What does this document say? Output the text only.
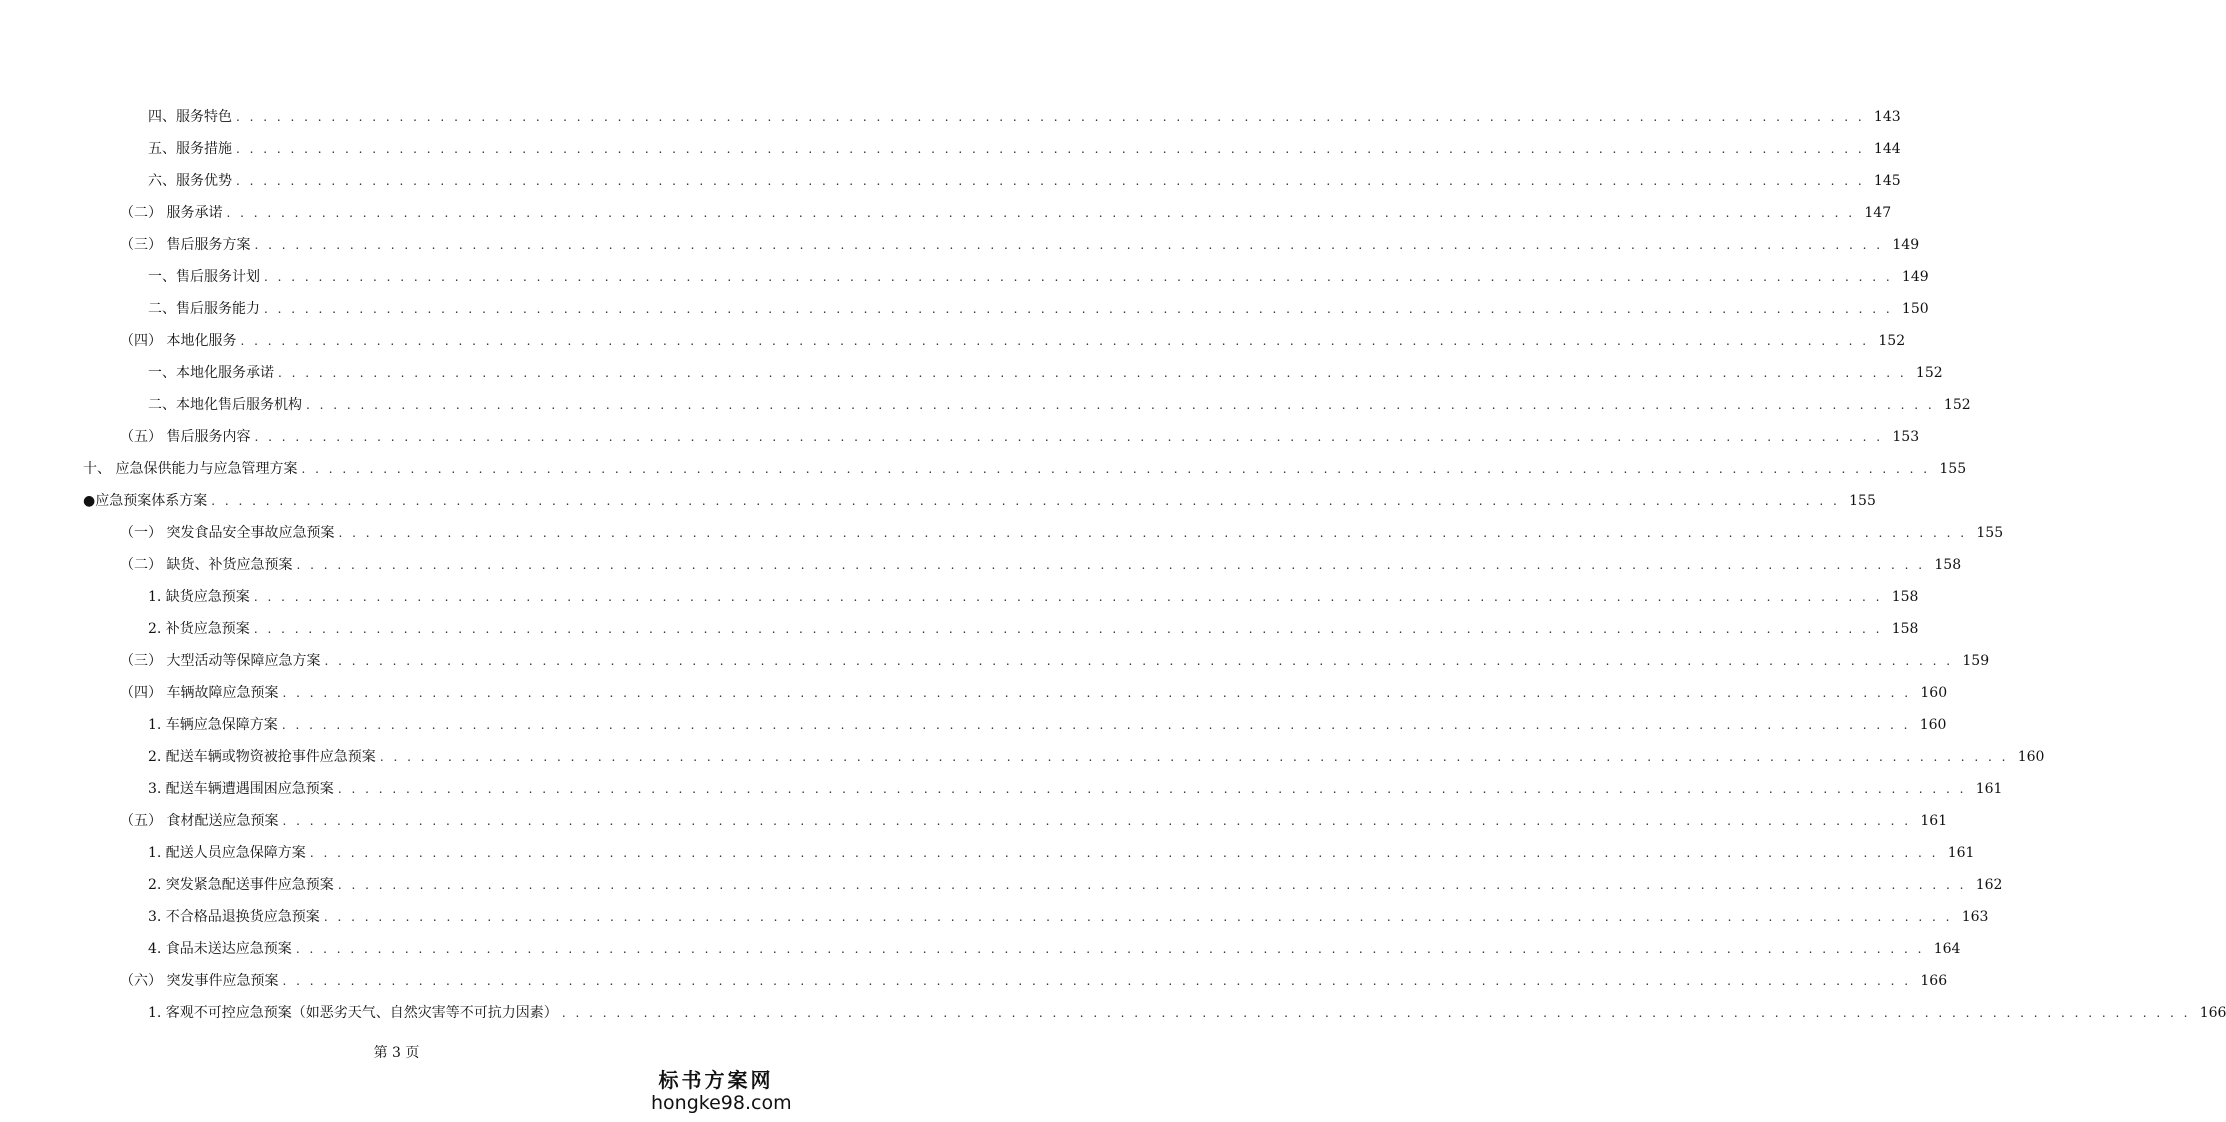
四、服务特色 . . . . . . . . . . . . . . . . . . . . . . . . . . . . . . . . . . . . . . . . . . . . . . . . . . . . . . . . . . . . . . . . . . . . . . . . . . . . . . . . . . . . . . . . . . . . . . . . . . . . . . . . . . . . . . . . . . . . . . . . 143
五、服务措施 . . . . . . . . . . . . . . . . . . . . . . . . . . . . . . . . . . . . . . . . . . . . . . . . . . . . . . . . . . . . . . . . . . . . . . . . . . . . . . . . . . . . . . . . . . . . . . . . . . . . . . . . . . . . . . . . . . . . . . . . 144
六、服务优势 . . . . . . . . . . . . . . . . . . . . . . . . . . . . . . . . . . . . . . . . . . . . . . . . . . . . . . . . . . . . . . . . . . . . . . . . . . . . . . . . . . . . . . . . . . . . . . . . . . . . . . . . . . . . . . . . . . . . . . . . 145
（二） 服务承诺 . . . . . . . . . . . . . . . . . . . . . . . . . . . . . . . . . . . . . . . . . . . . . . . . . . . . . . . . . . . . . . . . . . . . . . . . . . . . . . . . . . . . . . . . . . . . . . . . . . . . . . . . . . . . . . . . . . . . . . . . 147
（三） 售后服务方案 . . . . . . . . . . . . . . . . . . . . . . . . . . . . . . . . . . . . . . . . . . . . . . . . . . . . . . . . . . . . . . . . . . . . . . . . . . . . . . . . . . . . . . . . . . . . . . . . . . . . . . . . . . . . . . . . . . . . . . . . 149
一、售后服务计划 . . . . . . . . . . . . . . . . . . . . . . . . . . . . . . . . . . . . . . . . . . . . . . . . . . . . . . . . . . . . . . . . . . . . . . . . . . . . . . . . . . . . . . . . . . . . . . . . . . . . . . . . . . . . . . . . . . . . . . . . 149
二、售后服务能力 . . . . . . . . . . . . . . . . . . . . . . . . . . . . . . . . . . . . . . . . . . . . . . . . . . . . . . . . . . . . . . . . . . . . . . . . . . . . . . . . . . . . . . . . . . . . . . . . . . . . . . . . . . . . . . . . . . . . . . . . 150
（四） 本地化服务 . . . . . . . . . . . . . . . . . . . . . . . . . . . . . . . . . . . . . . . . . . . . . . . . . . . . . . . . . . . . . . . . . . . . . . . . . . . . . . . . . . . . . . . . . . . . . . . . . . . . . . . . . . . . . . . . . . . . . . . . 152
一、本地化服务承诺 . . . . . . . . . . . . . . . . . . . . . . . . . . . . . . . . . . . . . . . . . . . . . . . . . . . . . . . . . . . . . . . . . . . . . . . . . . . . . . . . . . . . . . . . . . . . . . . . . . . . . . . . . . . . . . . . . . . . . . . . 152
二、本地化售后服务机构 . . . . . . . . . . . . . . . . . . . . . . . . . . . . . . . . . . . . . . . . . . . . . . . . . . . . . . . . . . . . . . . . . . . . . . . . . . . . . . . . . . . . . . . . . . . . . . . . . . . . . . . . . . . . . . . . . . . . . . . . 152
（五） 售后服务内容 . . . . . . . . . . . . . . . . . . . . . . . . . . . . . . . . . . . . . . . . . . . . . . . . . . . . . . . . . . . . . . . . . . . . . . . . . . . . . . . . . . . . . . . . . . . . . . . . . . . . . . . . . . . . . . . . . . . . . . . . 153
十、 应急保供能力与应急管理方案 . . . . . . . . . . . . . . . . . . . . . . . . . . . . . . . . . . . . . . . . . . . . . . . . . . . . . . . . . . . . . . . . . . . . . . . . . . . . . . . . . . . . . . . . . . . . . . . . . . . . . . . . . . . . . . . . . . . . . . . . 155
●应急预案体系方案 . . . . . . . . . . . . . . . . . . . . . . . . . . . . . . . . . . . . . . . . . . . . . . . . . . . . . . . . . . . . . . . . . . . . . . . . . . . . . . . . . . . . . . . . . . . . . . . . . . . . . . . . . . . . . . . . . . . . . . . . 155
（一） 突发食品安全事故应急预案 . . . . . . . . . . . . . . . . . . . . . . . . . . . . . . . . . . . . . . . . . . . . . . . . . . . . . . . . . . . . . . . . . . . . . . . . . . . . . . . . . . . . . . . . . . . . . . . . . . . . . . . . . . . . . . . . . . . . . . . . 155
（二） 缺货、补货应急预案 . . . . . . . . . . . . . . . . . . . . . . . . . . . . . . . . . . . . . . . . . . . . . . . . . . . . . . . . . . . . . . . . . . . . . . . . . . . . . . . . . . . . . . . . . . . . . . . . . . . . . . . . . . . . . . . . . . . . . . . . 158
1. 缺货应急预案 . . . . . . . . . . . . . . . . . . . . . . . . . . . . . . . . . . . . . . . . . . . . . . . . . . . . . . . . . . . . . . . . . . . . . . . . . . . . . . . . . . . . . . . . . . . . . . . . . . . . . . . . . . . . . . . . . . . . . . . . 158
2. 补货应急预案 . . . . . . . . . . . . . . . . . . . . . . . . . . . . . . . . . . . . . . . . . . . . . . . . . . . . . . . . . . . . . . . . . . . . . . . . . . . . . . . . . . . . . . . . . . . . . . . . . . . . . . . . . . . . . . . . . . . . . . . . 158
（三） 大型活动等保障应急方案 . . . . . . . . . . . . . . . . . . . . . . . . . . . . . . . . . . . . . . . . . . . . . . . . . . . . . . . . . . . . . . . . . . . . . . . . . . . . . . . . . . . . . . . . . . . . . . . . . . . . . . . . . . . . . . . . . . . . . . . . 159
（四） 车辆故障应急预案 . . . . . . . . . . . . . . . . . . . . . . . . . . . . . . . . . . . . . . . . . . . . . . . . . . . . . . . . . . . . . . . . . . . . . . . . . . . . . . . . . . . . . . . . . . . . . . . . . . . . . . . . . . . . . . . . . . . . . . . . 160
1. 车辆应急保障方案 . . . . . . . . . . . . . . . . . . . . . . . . . . . . . . . . . . . . . . . . . . . . . . . . . . . . . . . . . . . . . . . . . . . . . . . . . . . . . . . . . . . . . . . . . . . . . . . . . . . . . . . . . . . . . . . . . . . . . . . . 160
2. 配送车辆或物资被抢事件应急预案 . . . . . . . . . . . . . . . . . . . . . . . . . . . . . . . . . . . . . . . . . . . . . . . . . . . . . . . . . . . . . . . . . . . . . . . . . . . . . . . . . . . . . . . . . . . . . . . . . . . . . . . . . . . . . . . . . . . . . . . . 160
3. 配送车辆遭遇围困应急预案 . . . . . . . . . . . . . . . . . . . . . . . . . . . . . . . . . . . . . . . . . . . . . . . . . . . . . . . . . . . . . . . . . . . . . . . . . . . . . . . . . . . . . . . . . . . . . . . . . . . . . . . . . . . . . . . . . . . . . . . . 161
（五） 食材配送应急预案 . . . . . . . . . . . . . . . . . . . . . . . . . . . . . . . . . . . . . . . . . . . . . . . . . . . . . . . . . . . . . . . . . . . . . . . . . . . . . . . . . . . . . . . . . . . . . . . . . . . . . . . . . . . . . . . . . . . . . . . . 161
1. 配送人员应急保障方案 . . . . . . . . . . . . . . . . . . . . . . . . . . . . . . . . . . . . . . . . . . . . . . . . . . . . . . . . . . . . . . . . . . . . . . . . . . . . . . . . . . . . . . . . . . . . . . . . . . . . . . . . . . . . . . . . . . . . . . . . 161
2. 突发紧急配送事件应急预案 . . . . . . . . . . . . . . . . . . . . . . . . . . . . . . . . . . . . . . . . . . . . . . . . . . . . . . . . . . . . . . . . . . . . . . . . . . . . . . . . . . . . . . . . . . . . . . . . . . . . . . . . . . . . . . . . . . . . . . . . 162
3. 不合格品退换货应急预案 . . . . . . . . . . . . . . . . . . . . . . . . . . . . . . . . . . . . . . . . . . . . . . . . . . . . . . . . . . . . . . . . . . . . . . . . . . . . . . . . . . . . . . . . . . . . . . . . . . . . . . . . . . . . . . . . . . . . . . . . 163
4. 食品未送达应急预案 . . . . . . . . . . . . . . . . . . . . . . . . . . . . . . . . . . . . . . . . . . . . . . . . . . . . . . . . . . . . . . . . . . . . . . . . . . . . . . . . . . . . . . . . . . . . . . . . . . . . . . . . . . . . . . . . . . . . . . . . 164
（六） 突发事件应急预案 . . . . . . . . . . . . . . . . . . . . . . . . . . . . . . . . . . . . . . . . . . . . . . . . . . . . . . . . . . . . . . . . . . . . . . . . . . . . . . . . . . . . . . . . . . . . . . . . . . . . . . . . . . . . . . . . . . . . . . . . 166
1. 客观不可控应急预案（如恶劣天气、自然灾害等不可抗力因素） . . . . . . . . . . . . . . . . . . . . . . . . . . . . . . . . . . . . . . . . . . . . . . . . . . . . . . . . . . . . . . . . . . . . . . . . . . . . . . . . . . . . . . . . . . . . . . . . . . . . . . . . . . . . . . . . . . . . . . . . 166
第 3 页
标书方案网
hongke98.com
